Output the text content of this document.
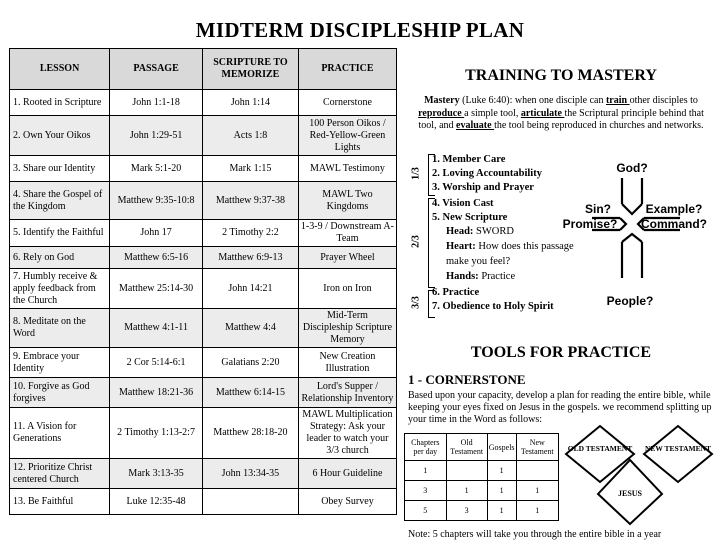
MIDTERM DISCIPLESHIP PLAN
LESSON	PASSAGE	SCRIPTURE TO MEMORIZE	PRACTICE
1. Rooted in Scripture	John 1:1-18	John 1:14	Cornerstone
2. Own Your Oikos	John 1:29-51	Acts 1:8	100 Person Oikos / Red-Yellow-Green Lights
3. Share our Identity	Mark 5:1-20	Mark 1:15	MAWL Testimony
4. Share the Gospel of the Kingdom	Matthew 9:35-10:8	Matthew 9:37-38	MAWL Two Kingdoms
5. Identify the Faithful	John 17	2 Timothy 2:2	1-3-9 / Downstream A-Team
6. Rely on God	Matthew 6:5-16	Matthew 6:9-13	Prayer Wheel
7. Humbly receive & apply feedback from the Church	Matthew 25:14-30	John 14:21	Iron on Iron
8. Meditate on the Word	Matthew 4:1-11	Matthew 4:4	Mid-Term Discipleship Scripture Memory
9. Embrace your Identity	2 Cor 5:14-6:1	Galatians 2:20	New Creation Illustration
10. Forgive as God forgives	Matthew 18:21-36	Matthew 6:14-15	Lord's Supper / Relationship Inventory
11. A Vision for Generations	2 Timothy 1:13-2:7	Matthew 28:18-20	MAWL Multiplication Strategy: Ask your leader to watch your 3/3 church
12. Prioritize Christ centered Church	Mark 3:13-35	John 13:34-35	6 Hour Guideline
13. Be Faithful	Luke 12:35-48		Obey Survey
TRAINING TO MASTERY
Mastery (Luke 6:40): when one disciple can train other disciples to reproduce a simple tool, articulate the Scriptural principle behind that tool, and evaluate the tool being reproduced in churches and networks.
1/3
2/3
3/3
1. Member Care
2. Loving Accountability
3. Worship and Prayer
4. Vision Cast
5. New Scripture
Head: SWORD
Heart: How does this passage
make you feel?
Hands: Practice
6. Practice
7. Obedience to Holy Spirit
God?
Sin?
Promise?
Example?
Command?
People?
TOOLS FOR PRACTICE
1 - CORNERSTONE
Based upon your capacity, develop a plan for reading the entire bible, while keeping your eyes fixed on Jesus in the gospels. we recommend splitting up your time in the Word as follows:
Chapters per day	Old Testament	Gospels	New Testament
1		1	
3	1	1	1
5	3	1	1
OLD TESTAMENT NEW TESTAMENT
JESUS
Note: 5 chapters will take you through the entire bible in a year
